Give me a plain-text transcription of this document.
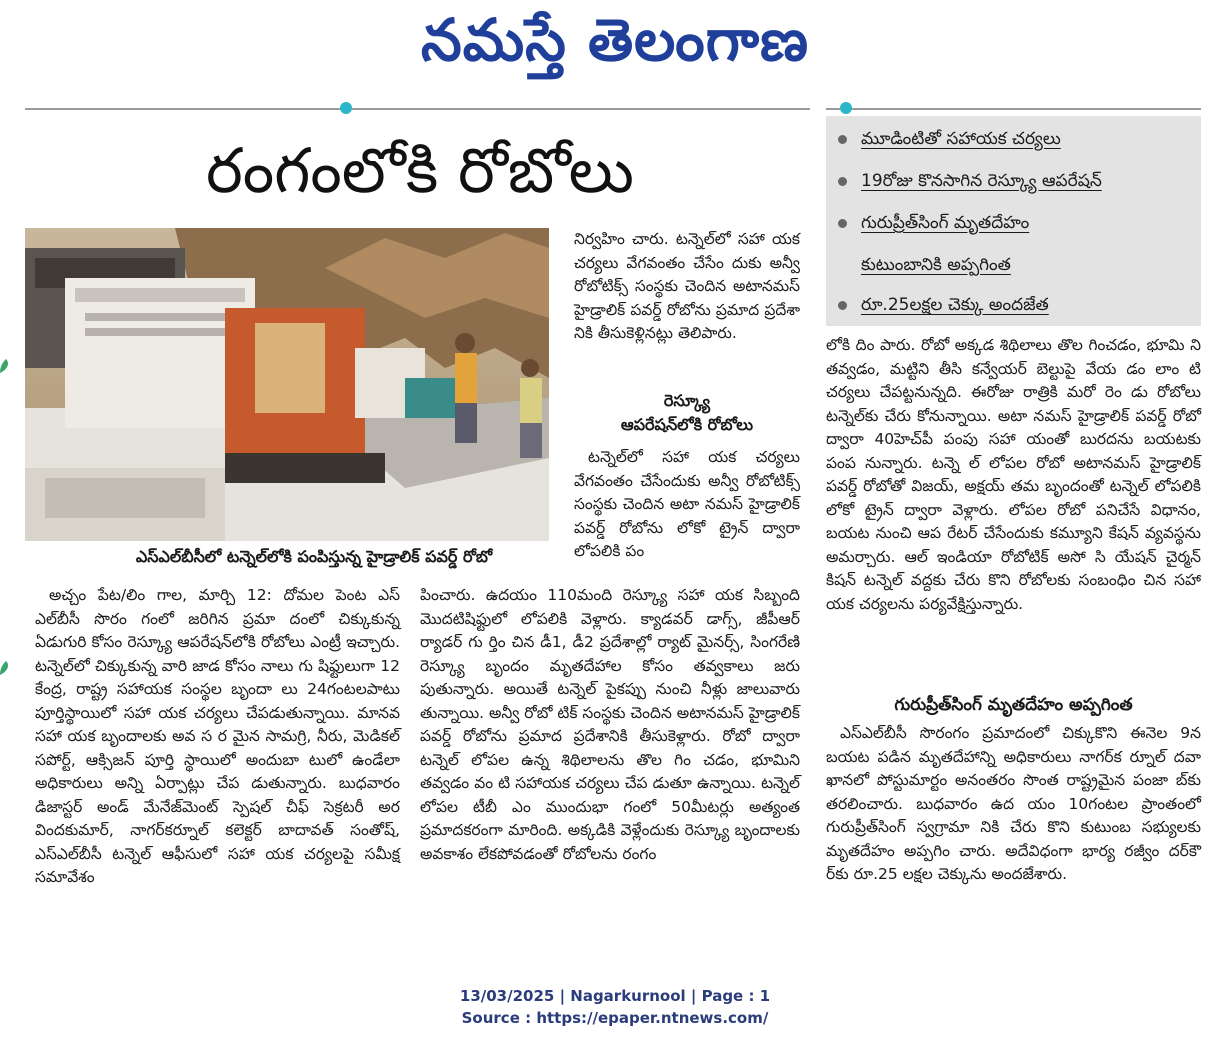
నమస్తే తెలంగాణ
రంగంలోకి రోబోలు
ఎస్ఎల్‌బీసీలో టన్నెల్‌లోకి పంపిస్తున్న హైడ్రాలిక్ పవర్డ్ రోబో

అచ్చం పేట/లిం గాల, మార్చి 12: దోమల పెంట ఎస్ ఎల్‌బీసీ సొరం గంలో జరిగిన ప్రమా దంలో చిక్కుకున్న ఏడుగురి కోసం రెస్క్యూ ఆపరేషన్‌లోకి రోబోలు ఎంట్రీ ఇచ్చారు. టన్నెల్‌లో చిక్కుకున్న వారి జాడ కోసం నాలు గు షిఫ్టులుగా 12 కేంద్ర, రాష్ట్ర సహాయక సంస్థల బృందా లు 24గంటలపాటు పూర్తిస్థాయిలో సహా యక చర్యలు చేపడుతున్నాయి. మానవ సహా యక బృందాలకు అవ స ర మైన సామగ్రి, నీరు, మెడికల్ సపోర్ట్, ఆక్సిజన్ పూర్తి స్థాయిలో అందుబా టులో ఉండేలా అధికారులు అన్ని ఏర్పాట్లు చేప డుతున్నారు. బుధవారం డిజాస్టర్ అండ్ మేనేజ్‌మెంట్ స్పెషల్ చీఫ్ సెక్రటరీ అర విందకుమార్, నాగర్‌కర్నూల్ కలెక్టర్ బాదావత్ సంతోష్, ఎస్ఎల్‌బీసీ టన్నెల్ ఆఫీసులో సహా యక చర్యలపై సమీక్ష సమావేశం

నిర్వహిం చారు. టన్నెల్‌లో సహా యక చర్యలు వేగవంతం చేసేం దుకు అన్వీ రోబోటిక్స్ సంస్థకు చెందిన అటానమస్ హైడ్రాలిక్ పవర్డ్ రోబోను ప్రమాద ప్రదేశా నికి తీసుకెళ్లినట్లు తెలిపారు.

రెస్క్యూ
ఆపరేషన్‌లోకి రోబోలు

టన్నెల్‌లో సహా యక చర్యలు వేగవంతం చేసేందుకు అన్వీ రోబోటిక్స్ సంస్థకు చెందిన అటా నమస్ హైడ్రాలిక్ పవర్డ్ రోబోను లోకో ట్రైన్ ద్వారా లోపలికి పం

పించారు. ఉదయం 110మంది రెస్క్యూ సహా యక సిబ్బంది మొదటిషిఫ్టులో లోపలికి వెళ్లారు. క్యాడవర్ డాగ్స్, జీపీఆర్ ర్యాడర్ గు ర్తిం చిన డీ1, డీ2 ప్రదేశాల్లో ర్యాట్ మైనర్స్, సింగరేణి రెస్క్యూ బృందం మృతదేహాల కోసం తవ్వకాలు జరు పుతున్నారు. అయితే టన్నెల్ పైకప్పు నుంచి నీళ్లు జాలువారు తున్నాయి. అన్వీ రోబో టిక్ సంస్థకు చెందిన అటానమస్ హైడ్రాలిక్ పవర్డ్ రోబోను ప్రమాద ప్రదేశానికి తీసుకెళ్లారు. రోబో ద్వారా టన్నెల్ లోపల ఉన్న శిథిలాలను తొల గిం చడం, భూమిని తవ్వడం వం టి సహాయక చర్యలు చేప డుతూ ఉన్నాయి. టన్నెల్ లోపల టీబీ ఎం ముందుభా గంలో 50మీటర్లు అత్యంత ప్రమాదకరంగా మారింది. అక్కడికి వెళ్లేందుకు రెస్క్యూ బృందాలకు అవకాశం లేకపోవడంతో రోబోలను రంగం

మూడింటితో సహాయక చర్యలు
19రోజు కొనసాగిన రెస్క్యూ ఆపరేషన్
గురుప్రీత్‌సింగ్ మృతదేహం
కుటుంబానికి అప్పగింత
రూ.25లక్షల చెక్కు అందజేత

లోకి దిం పారు. రోబో అక్కడ శిథిలాలు తొల గించడం, భూమి ని తవ్వడం, మట్టిని తీసి కన్వేయర్ బెల్టుపై వేయ డం లాం టి చర్యలు చేపట్టనున్నది. ఈరోజు రాత్రికి మరో రెం డు రోబోలు టన్నెల్‌కు చేరు కోనున్నాయి. అటా నమస్ హైడ్రాలిక్ పవర్డ్ రోబో ద్వారా 40హెచ్‌పీ పంపు సహా యంతో బురదను బయటకు పంప నున్నారు. టన్నె ల్ లోపల రోబో అటానమస్ హైడ్రాలిక్ పవర్డ్ రోబోతో విజయ్, అక్షయ్ తమ బృందంతో టన్నెల్ లోపలికి లోకో ట్రైన్ ద్వారా వెళ్లారు. లోపల రోబో పనిచేసే విధానం, బయట నుంచి ఆప రేటర్ చేసేందుకు కమ్యూని కేషన్ వ్యవస్థను అమర్చారు. ఆల్ ఇండియా రోబోటిక్ అసో సి యేషన్ చైర్మన్ కిషన్ టన్నెల్ వద్దకు చేరు కొని రోబోలకు సంబంధిం చిన సహా యక చర్యలను పర్యవేక్షిస్తున్నారు.

గురుప్రీత్‌సింగ్ మృతదేహం అప్పగింత

ఎస్ఎల్‌బీసీ సొరంగం ప్రమాదంలో చిక్కుకొని ఈనెల 9న బయట పడిన మృతదేహాన్ని అధికారులు నాగర్‌క ర్నూల్ దవా ఖానలో పోస్టుమార్టం అనంతరం సొంత రాష్ట్రమైన పంజా బ్‌కు తరలించారు. బుధవారం ఉద యం 10గంటల ప్రాంతంలో గురుప్రీత్‌సింగ్ స్వగ్రామా నికి చేరు కొని కుటుంబ సభ్యులకు మృతదేహం అప్పగిం చారు. అదేవిధంగా భార్య రజ్వీం దర్‌కౌ ర్‌కు రూ.25 లక్షల చెక్కును అందజేశారు.

13/03/2025 | Nagarkurnool | Page : 1
Source : https://epaper.ntnews.com/
